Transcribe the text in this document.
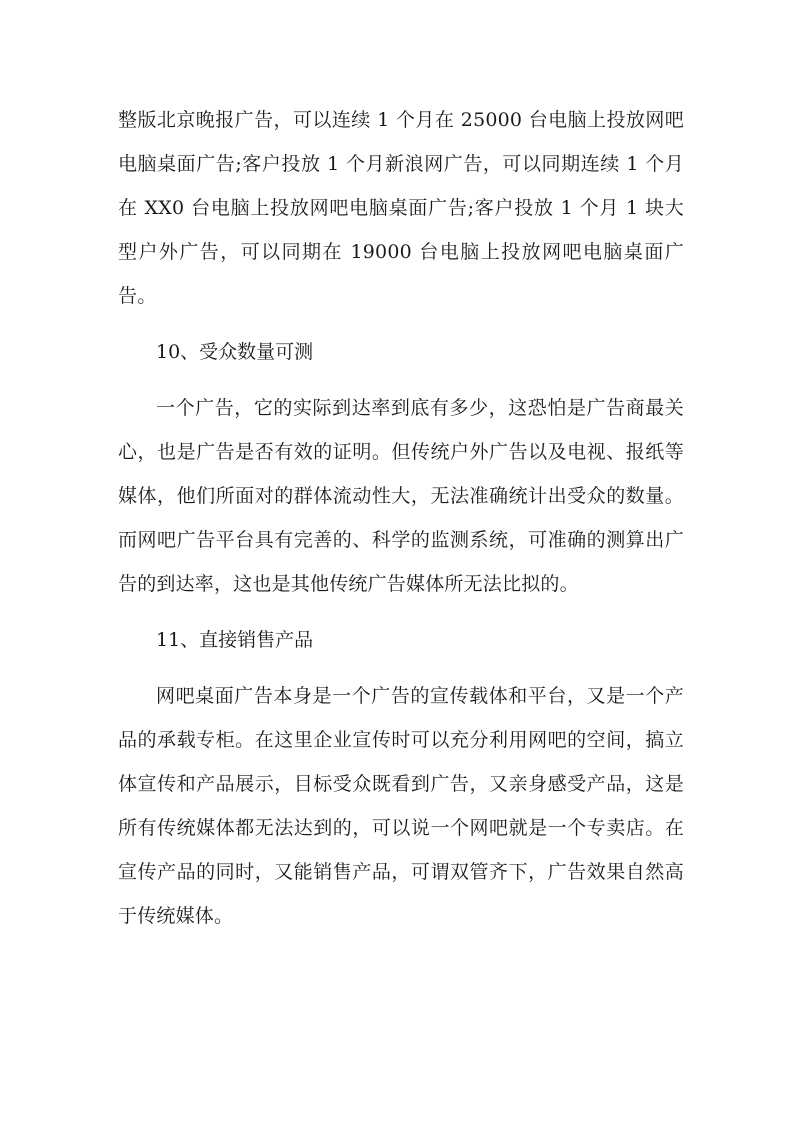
整版北京晚报广告，可以连续 1 个月在 25000 台电脑上投放网吧电脑桌面广告;客户投放 1 个月新浪网广告，可以同期连续 1 个月在 XX0 台电脑上投放网吧电脑桌面广告;客户投放 1 个月 1 块大型户外广告，可以同期在 19000 台电脑上投放网吧电脑桌面广告。

10、受众数量可测

一个广告，它的实际到达率到底有多少，这恐怕是广告商最关心，也是广告是否有效的证明。但传统户外广告以及电视、报纸等媒体，他们所面对的群体流动性大，无法准确统计出受众的数量。而网吧广告平台具有完善的、科学的监测系统，可准确的测算出广告的到达率，这也是其他传统广告媒体所无法比拟的。

11、直接销售产品

网吧桌面广告本身是一个广告的宣传载体和平台，又是一个产品的承载专柜。在这里企业宣传时可以充分利用网吧的空间，搞立体宣传和产品展示，目标受众既看到广告，又亲身感受产品，这是所有传统媒体都无法达到的，可以说一个网吧就是一个专卖店。在宣传产品的同时，又能销售产品，可谓双管齐下，广告效果自然高于传统媒体。
